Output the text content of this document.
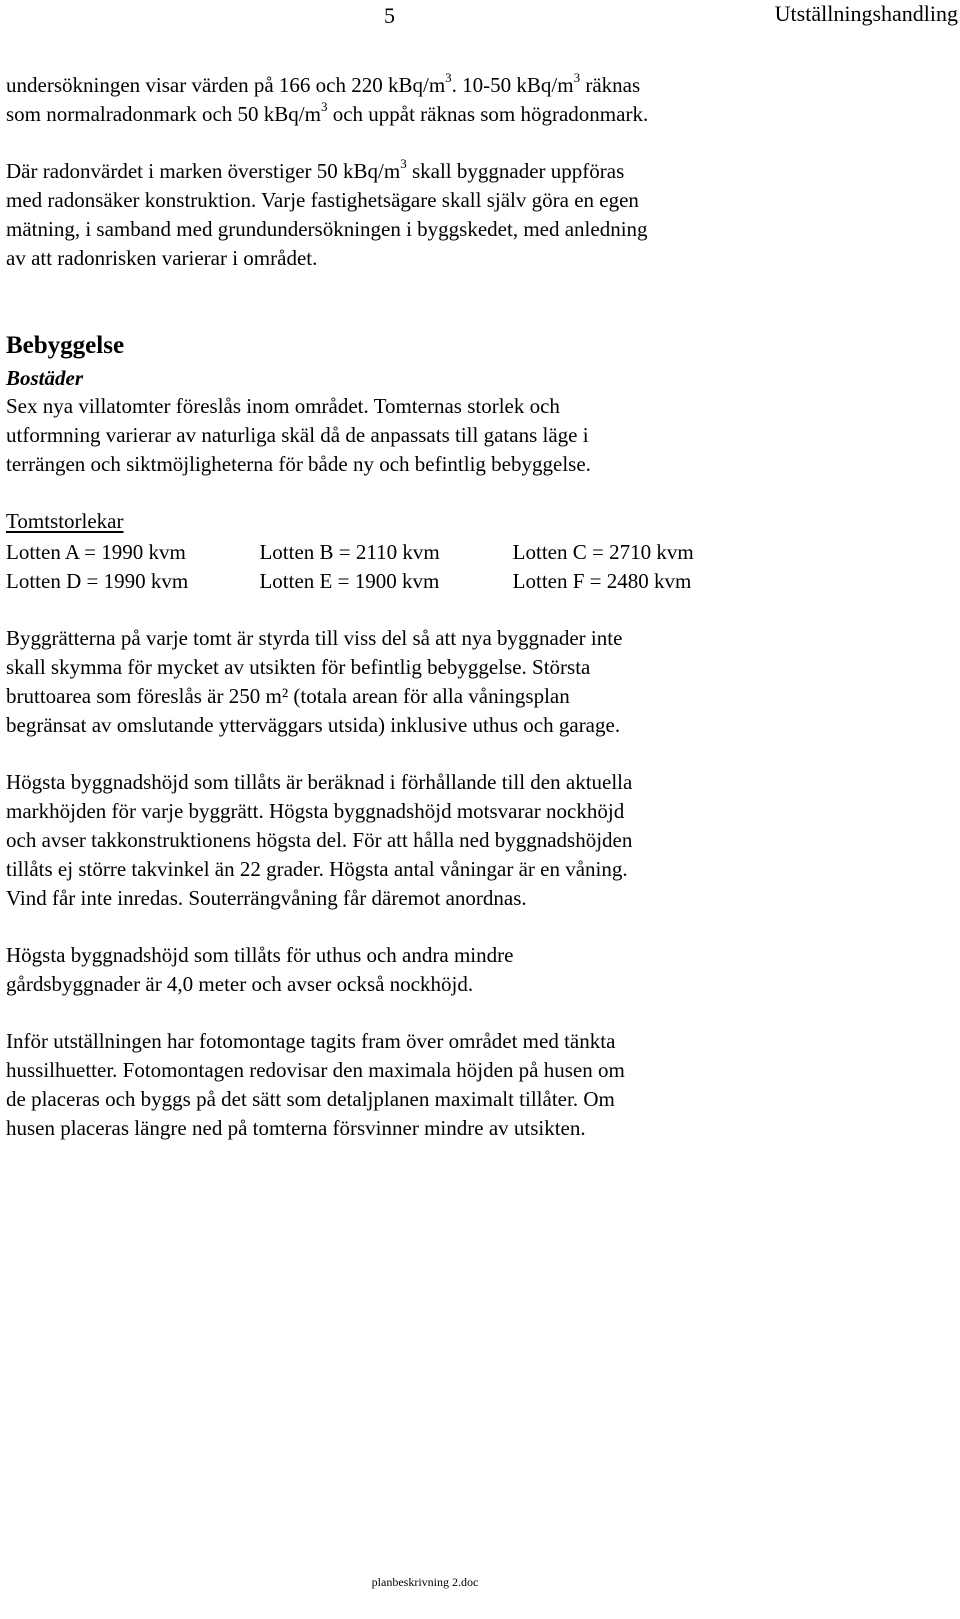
5	Utställningshandling

undersökningen visar värden på 166 och 220 kBq/$m^3$. 10-50 kBq/$m^3$ räknas
som normalradonmark och 50 kBq/$m^3$ och uppåt räknas som högradonmark.

Där radonvärdet i marken överstiger 50 kBq/$m^3$ skall byggnader uppföras
med radonsäker konstruktion. Varje fastighetsägare skall själv göra en egen
mätning, i samband med grundundersökningen i byggskedet, med anledning
av att radonrisken varierar i området.

Bebyggelse
Bostäder

Sex nya villatomter föreslås inom området. Tomternas storlek och
utformning varierar av naturliga skäl då de anpassats till gatans läge i
terrängen och siktmöjligheterna för både ny och befintlig bebyggelse.

Tomtstorlekar
Lotten A = 1990 kvm	Lotten B = 2110 kvm	Lotten C = 2710 kvm
Lotten D = 1990 kvm	Lotten E = 1900 kvm	Lotten F = 2480 kvm

Byggrätterna på varje tomt är styrda till viss del så att nya byggnader inte
skall skymma för mycket av utsikten för befintlig bebyggelse. Största
bruttoarea som föreslås är 250 m² (totala arean för alla våningsplan
begränsat av omslutande ytterväggars utsida) inklusive uthus och garage.

Högsta byggnadshöjd som tillåts är beräknad i förhållande till den aktuella
markhöjden för varje byggrätt. Högsta byggnadshöjd motsvarar nockhöjd
och avser takkonstruktionens högsta del. För att hålla ned byggnadshöjden
tillåts ej större takvinkel än 22 grader. Högsta antal våningar är en våning.
Vind får inte inredas. Souterrängvåning får däremot anordnas.

Högsta byggnadshöjd som tillåts för uthus och andra mindre
gårdsbyggnader är 4,0 meter och avser också nockhöjd.

Inför utställningen har fotomontage tagits fram över området med tänkta
hussilhuetter. Fotomontagen redovisar den maximala höjden på husen om
de placeras och byggs på det sätt som detaljplanen maximalt tillåter. Om
husen placeras längre ned på tomterna försvinner mindre av utsikten.

planbeskrivning 2.doc
